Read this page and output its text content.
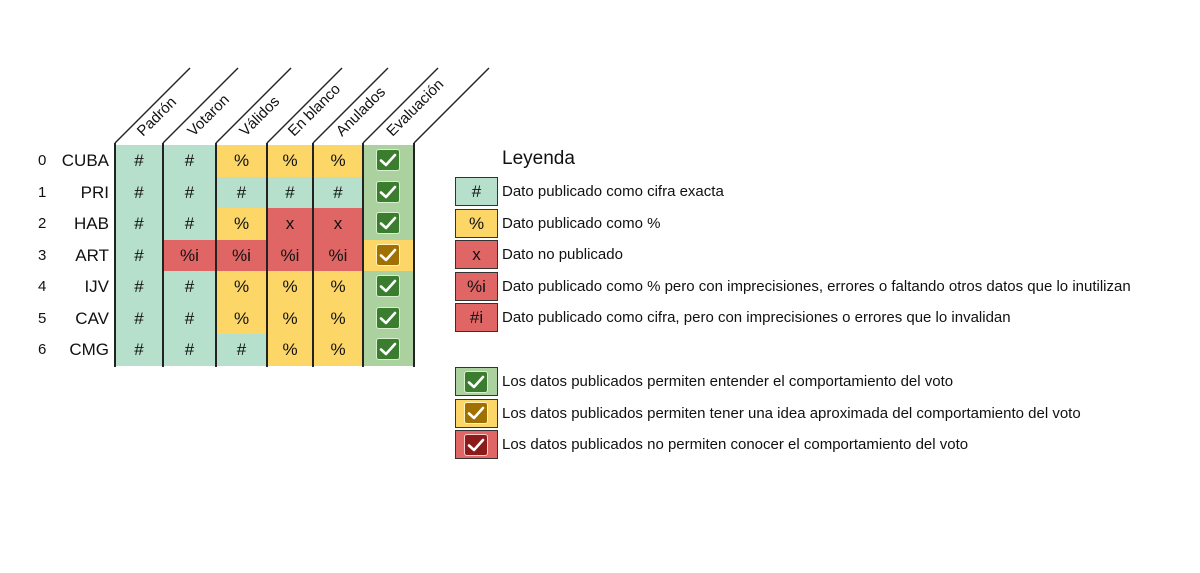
Padrón Votaron Válidos En blanco
Anulados
Evaluación
0 CUBA	#	#	%	%	%
1	PRI	#	#	#	#	#
2	HAB	#	#	%	x	x
3	ART	#	%i	%i	%i	%i
4	IJV	#	#	%	%	%
5	CAV	#	#	%	%	%
6	CMG	#	#	#	%	%
Leyenda
#	Dato publicado como cifra exacta
%	Dato publicado como %
x	Dato no publicado
%i	Dato publicado como % pero con imprecisiones, errores o faltando otros datos que lo inutilizan
#i	Dato publicado como cifra, pero con imprecisiones o errores que lo invalidan
Los datos publicados permiten entender el comportamiento del voto
Los datos publicados permiten tener una idea aproximada del comportamiento del voto
Los datos publicados no permiten conocer el comportamiento del voto
